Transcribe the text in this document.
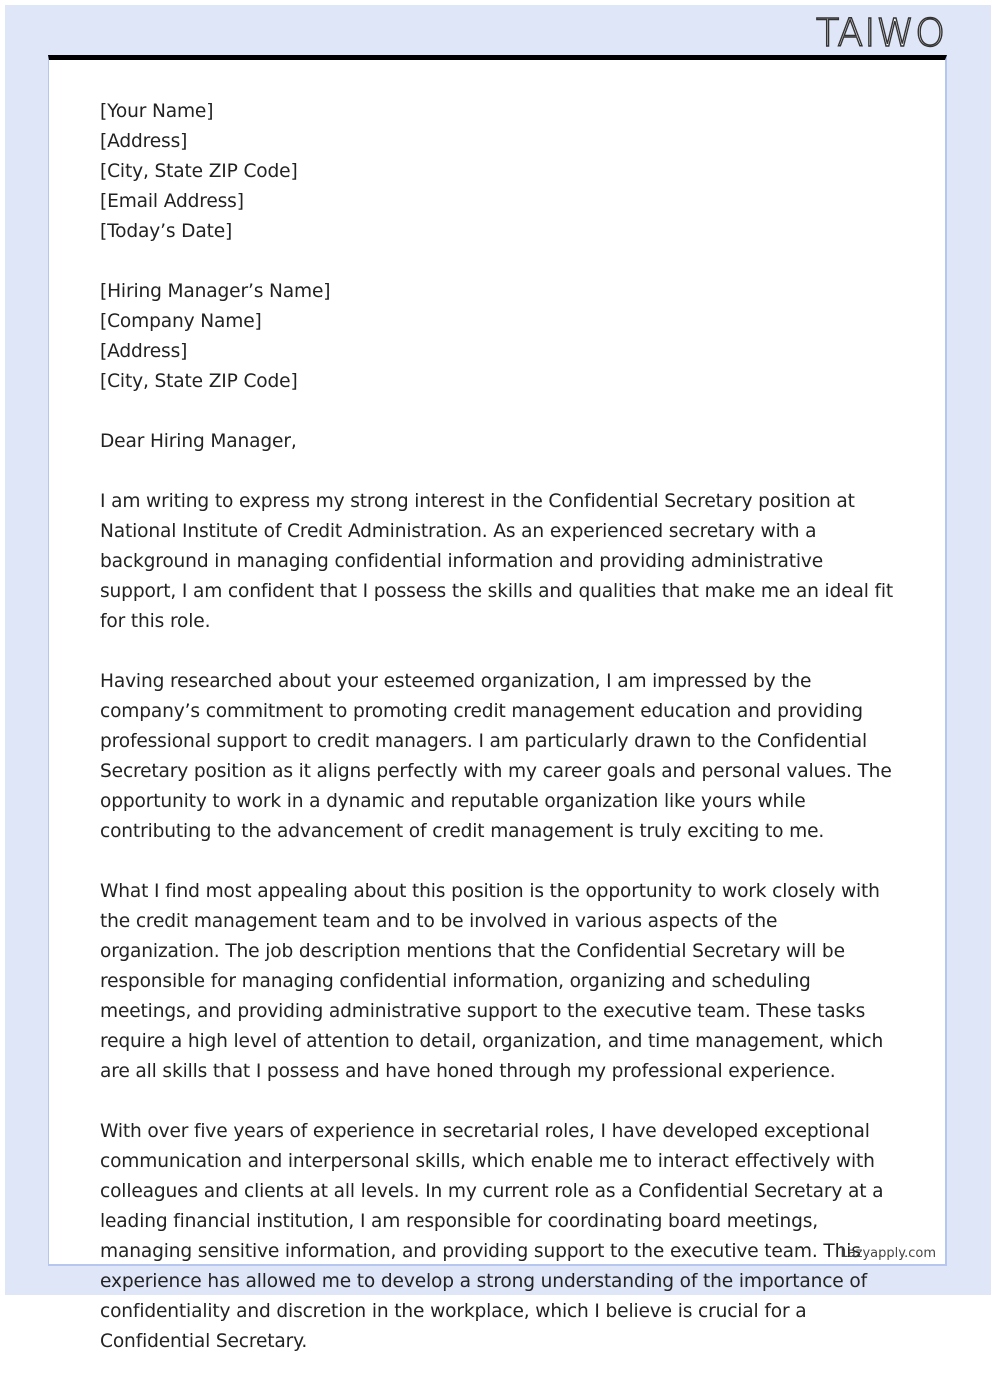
TAIWO

[Your Name]
[Address]
[City, State ZIP Code]
[Email Address]
[Today’s Date]

[Hiring Manager’s Name]
[Company Name]
[Address]
[City, State ZIP Code]

Dear Hiring Manager,

I am writing to express my strong interest in the Confidential Secretary position at National Institute of Credit Administration. As an experienced secretary with a background in managing confidential information and providing administrative support, I am confident that I possess the skills and qualities that make me an ideal fit for this role.

Having researched about your esteemed organization, I am impressed by the company’s commitment to promoting credit management education and providing professional support to credit managers. I am particularly drawn to the Confidential Secretary position as it aligns perfectly with my career goals and personal values. The opportunity to work in a dynamic and reputable organization like yours while contributing to the advancement of credit management is truly exciting to me.

What I find most appealing about this position is the opportunity to work closely with the credit management team and to be involved in various aspects of the organization. The job description mentions that the Confidential Secretary will be responsible for managing confidential information, organizing and scheduling meetings, and providing administrative support to the executive team. These tasks require a high level of attention to detail, organization, and time management, which are all skills that I possess and have honed through my professional experience.

With over five years of experience in secretarial roles, I have developed exceptional communication and interpersonal skills, which enable me to interact effectively with colleagues and clients at all levels. In my current role as a Confidential Secretary at a leading financial institution, I am responsible for coordinating board meetings, managing sensitive information, and providing support to the executive team. This experience has allowed me to develop a strong understanding of the importance of confidentiality and discretion in the workplace, which I believe is crucial for a Confidential Secretary.

Lazyapply.com
